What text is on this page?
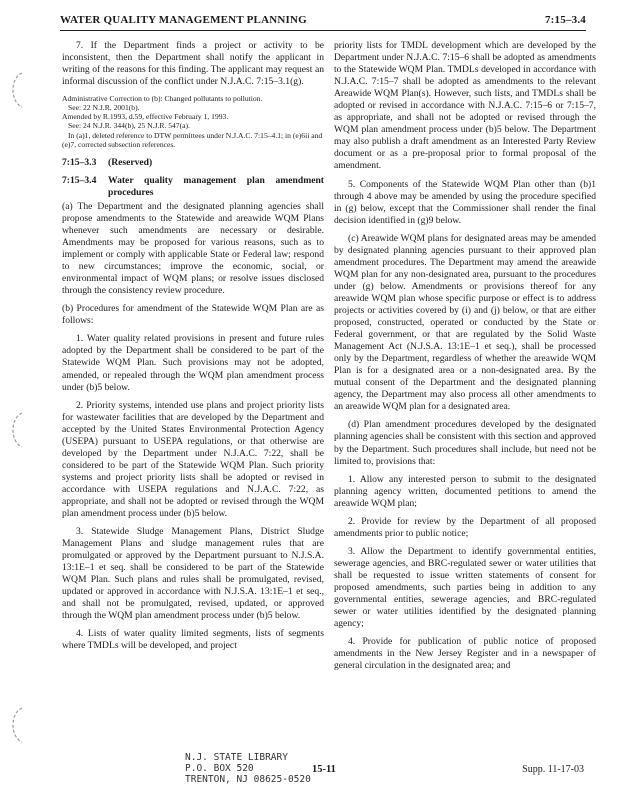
WATER QUALITY MANAGEMENT PLANNING	7:15–3.4

7. If the Department finds a project or activity to be inconsistent, then the Department shall notify the applicant in writing of the reasons for this finding. The applicant may request an informal discussion of the conflict under N.J.A.C. 7:15–3.1(g).

Administrative Correction to (b): Changed pollutants to pollution.

See: 22 N.J.R. 2001(b).

Amended by R.1993, d.59, effective February 1, 1993.

See: 24 N.J.R. 344(b), 25 N.J.R. 547(a).

In (a)1, deleted reference to DTW permittees under N.J.A.C. 7:15–4.1; in (e)6ii and (e)7, corrected subsection references.

7:15–3.3 (Reserved)
7:15–3.4	Water quality management plan amendment procedures

(a) The Department and the designated planning agencies shall propose amendments to the Statewide and areawide WQM Plans whenever such amendments are necessary or desirable. Amendments may be proposed for various reasons, such as to implement or comply with applicable State or Federal law; respond to new circumstances; improve the economic, social, or environmental impact of WQM plans; or resolve issues disclosed through the consistency review procedure.

(b) Procedures for amendment of the Statewide WQM Plan are as follows:

1. Water quality related provisions in present and future rules adopted by the Department shall be considered to be part of the Statewide WQM Plan. Such provisions may not be adopted, amended, or repealed through the WQM plan amendment process under (b)5 below.

2. Priority systems, intended use plans and project priority lists for wastewater facilities that are developed by the Department and accepted by the United States Environmental Protection Agency (USEPA) pursuant to USEPA regulations, or that otherwise are developed by the Department under N.J.A.C. 7:22, shall be considered to be part of the Statewide WQM Plan. Such priority systems and project priority lists shall be adopted or revised in accordance with USEPA regulations and N.J.A.C. 7:22, as appropriate, and shall not be adopted or revised through the WQM plan amendment process under (b)5 below.

3. Statewide Sludge Management Plans, District Sludge Management Plans and sludge management rules that are promulgated or approved by the Department pursuant to N.J.S.A. 13:1E–1 et seq. shall be considered to be part of the Statewide WQM Plan. Such plans and rules shall be promulgated, revised, updated or approved in accordance with N.J.S.A. 13:1E–1 et seq., and shall not be promulgated, revised, updated, or approved through the WQM plan amendment process under (b)5 below.

4. Lists of water quality limited segments, lists of segments where TMDLs will be developed, and project

priority lists for TMDL development which are developed by the Department under N.J.A.C. 7:15–6 shall be adopted as amendments to the Statewide WQM Plan. TMDLs developed in accordance with N.J.A.C. 7:15–7 shall be adopted as amendments to the relevant Areawide WQM Plan(s). However, such lists, and TMDLs shall be adopted or revised in accordance with N.J.A.C. 7:15–6 or 7:15–7, as appropriate, and shall not be adopted or revised through the WQM plan amendment process under (b)5 below. The Department may also publish a draft amendment as an Interested Party Review document or as a pre-proposal prior to formal proposal of the amendment.

5. Components of the Statewide WQM Plan other than (b)1 through 4 above may be amended by using the procedure specified in (g) below, except that the Commissioner shall render the final decision identified in (g)9 below.

(c) Areawide WQM plans for designated areas may be amended by designated planning agencies pursuant to their approved plan amendment procedures. The Department may amend the areawide WQM plan for any non-designated area, pursuant to the procedures under (g) below. Amendments or provisions thereof for any areawide WQM plan whose specific purpose or effect is to address projects or activities covered by (i) and (j) below, or that are either proposed, constructed, operated or conducted by the State or Federal government, or that are regulated by the Solid Waste Management Act (N.J.S.A. 13:1E–1 et seq.), shall be processed only by the Department, regardless of whether the areawide WQM Plan is for a designated area or a non-designated area. By the mutual consent of the Department and the designated planning agency, the Department may also process all other amendments to an areawide WQM plan for a designated area.

(d) Plan amendment procedures developed by the designated planning agencies shall be consistent with this section and approved by the Department. Such procedures shall include, but need not be limited to, provisions that:

1. Allow any interested person to submit to the designated planning agency written, documented petitions to amend the areawide WQM plan;

2. Provide for review by the Department of all proposed amendments prior to public notice;

3. Allow the Department to identify governmental entities, sewerage agencies, and BRC-regulated sewer or water utilities that shall be requested to issue written statements of consent for proposed amendments, such parties being in addition to any governmental entities, sewerage agencies, and BRC-regulated sewer or water utilities identified by the designated planning agency;

4. Provide for publication of public notice of proposed amendments in the New Jersey Register and in a newspaper of general circulation in the designated area; and

N.J. STATE LIBRARY
P.O. BOX 520
TRENTON, NJ 08625-0520
15-11	Supp. 11-17-03
